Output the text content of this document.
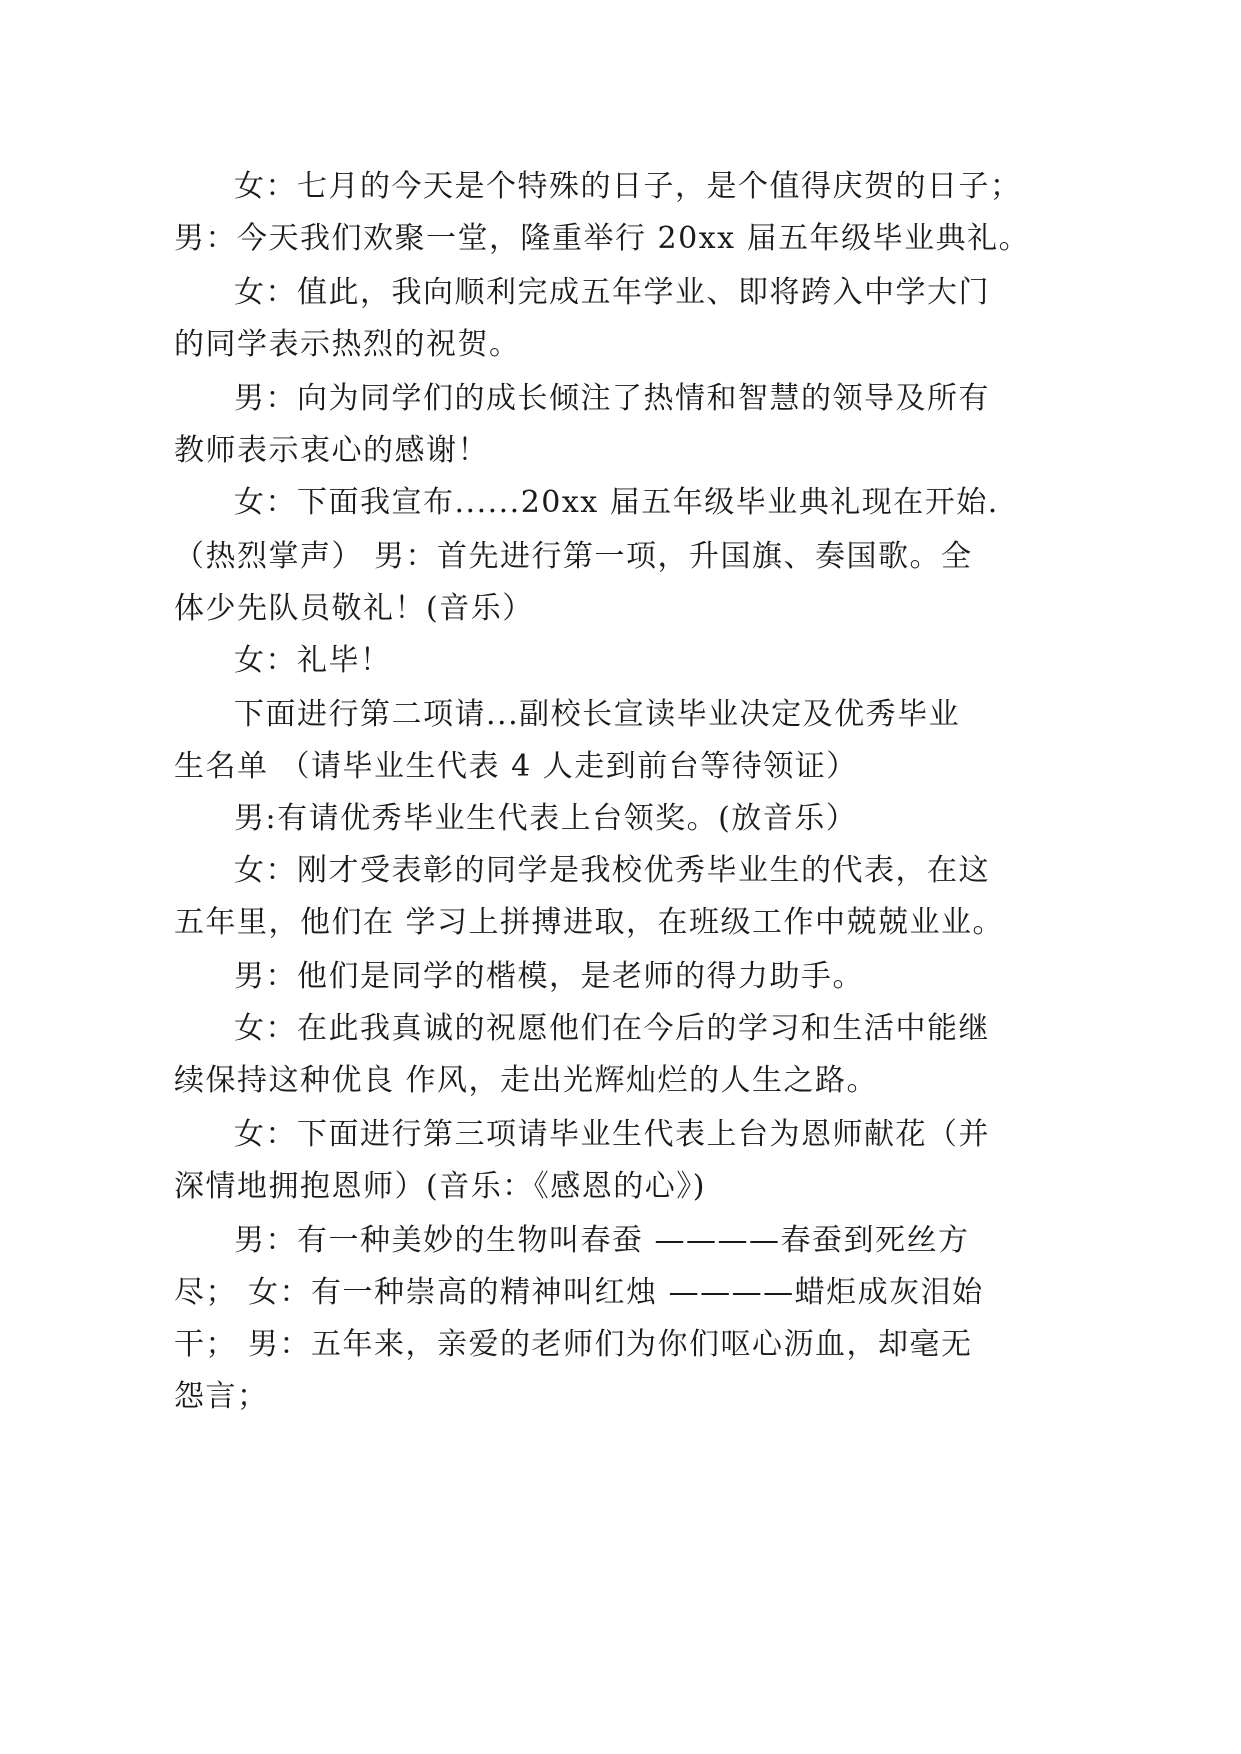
女：七月的今天是个特殊的日子，是个值得庆贺的日子；
男：今天我们欢聚一堂，隆重举行 20xx 届五年级毕业典礼。
女：值此，我向顺利完成五年学业、即将跨入中学大门
的同学表示热烈的祝贺。
男：向为同学们的成长倾注了热情和智慧的领导及所有
教师表示衷心的感谢！
女：下面我宣布......20xx 届五年级毕业典礼现在开始.
（热烈掌声） 男：首先进行第一项，升国旗、奏国歌。全
体少先队员敬礼！(音乐）
女：礼毕！
下面进行第二项请...副校长宣读毕业决定及优秀毕业
生名单 （请毕业生代表 4 人走到前台等待领证）
男:有请优秀毕业生代表上台领奖。(放音乐）
女：刚才受表彰的同学是我校优秀毕业生的代表，在这
五年里，他们在 学习上拼搏进取，在班级工作中兢兢业业。
男：他们是同学的楷模，是老师的得力助手。
女：在此我真诚的祝愿他们在今后的学习和生活中能继
续保持这种优良 作风，走出光辉灿烂的人生之路。
女：下面进行第三项请毕业生代表上台为恩师献花（并
深情地拥抱恩师）(音乐：《感恩的心》)
男：有一种美妙的生物叫春蚕 ————春蚕到死丝方
尽； 女：有一种崇高的精神叫红烛 ————蜡炬成灰泪始
干； 男：五年来，亲爱的老师们为你们呕心沥血，却毫无
怨言；
